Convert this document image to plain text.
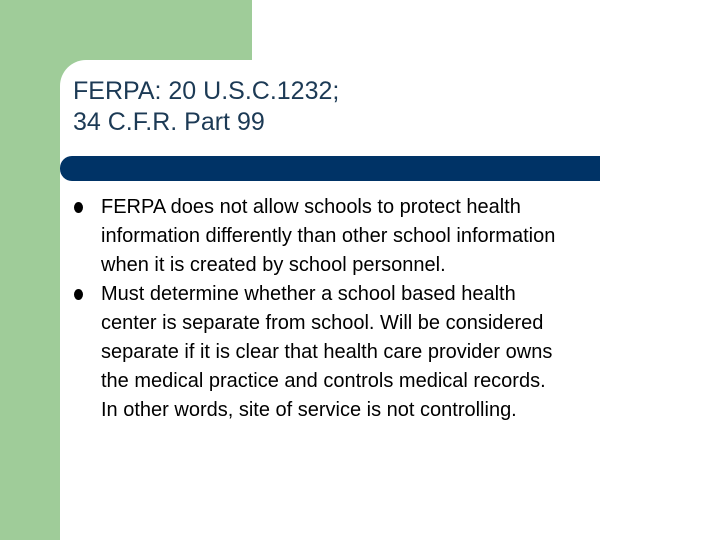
FERPA: 20 U.S.C.1232;
34 C.F.R. Part 99
FERPA does not allow schools to protect health
information differently than other school information
when it is created by school personnel.
Must determine whether a school based health
center is separate from school. Will be considered
separate if it is clear that health care provider owns
the medical practice and controls medical records.
In other words, site of service is not controlling.
